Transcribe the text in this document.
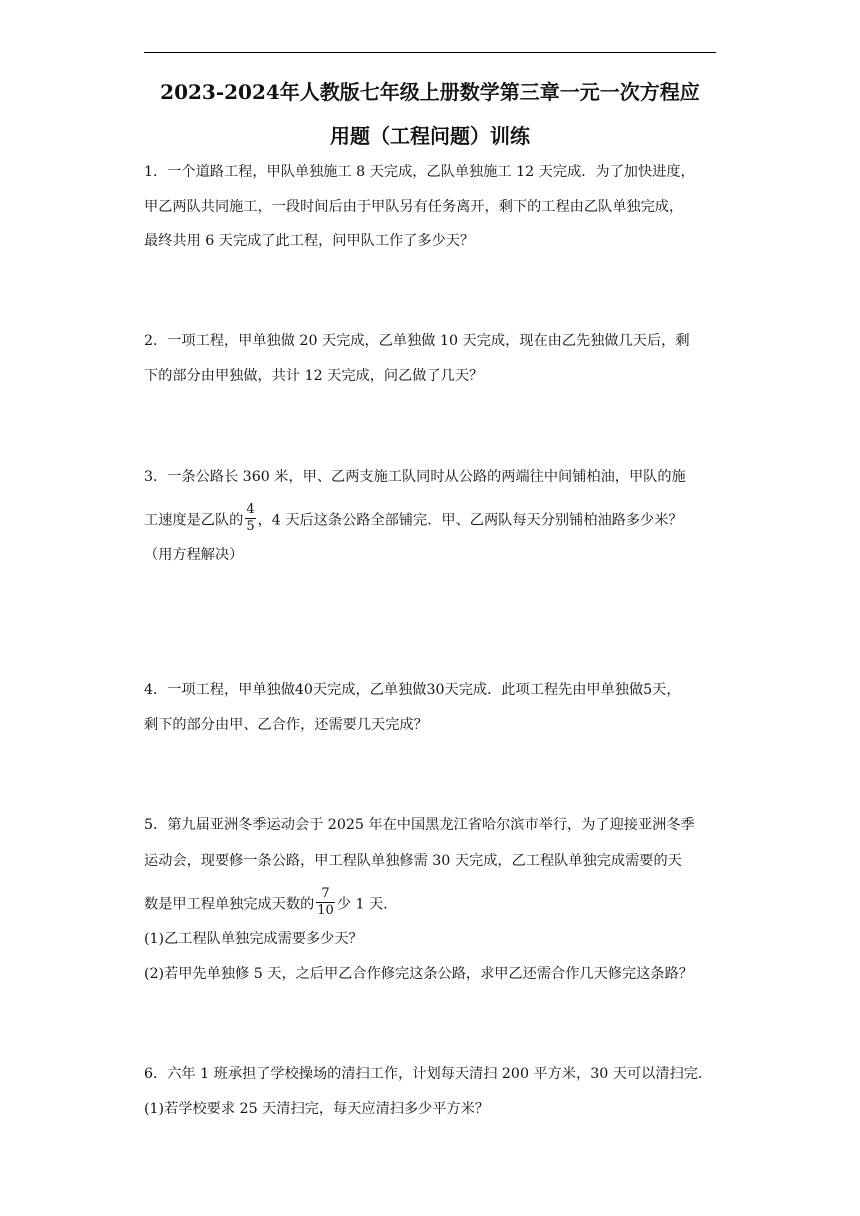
2023-2024年人教版七年级上册数学第三章一元一次方程应
用题（工程问题）训练
1．一个道路工程，甲队单独施工 8 天完成，乙队单独施工 12 天完成．为了加快进度，
甲乙两队共同施工，一段时间后由于甲队另有任务离开，剩下的工程由乙队单独完成，
最终共用 6 天完成了此工程，问甲队工作了多少天？
2．一项工程，甲单独做 20 天完成，乙单独做 10 天完成，现在由乙先独做几天后，剩
下的部分由甲独做，共计 12 天完成，问乙做了几天？
3．一条公路长 360 米，甲、乙两支施工队同时从公路的两端往中间铺柏油，甲队的施
工速度是乙队的 $\frac{4}{5}$ ，4 天后这条公路全部铺完．甲、乙两队每天分别铺柏油路多少米？
（用方程解决）
4．一项工程，甲单独做40天完成，乙单独做30天完成．此项工程先由甲单独做5天，
剩下的部分由甲、乙合作，还需要几天完成？
5．第九届亚洲冬季运动会于 2025 年在中国黑龙江省哈尔滨市举行，为了迎接亚洲冬季
运动会，现要修一条公路，甲工程队单独修需 30 天完成，乙工程队单独完成需要的天
数是甲工程单独完成天数的 $\frac{7}{10}$ 少 1 天．
(1)乙工程队单独完成需要多少天？
(2)若甲先单独修 5 天，之后甲乙合作修完这条公路，求甲乙还需合作几天修完这条路？
6．六年 1 班承担了学校操场的清扫工作，计划每天清扫 200 平方米，30 天可以清扫完．
(1)若学校要求 25 天清扫完，每天应清扫多少平方米？
